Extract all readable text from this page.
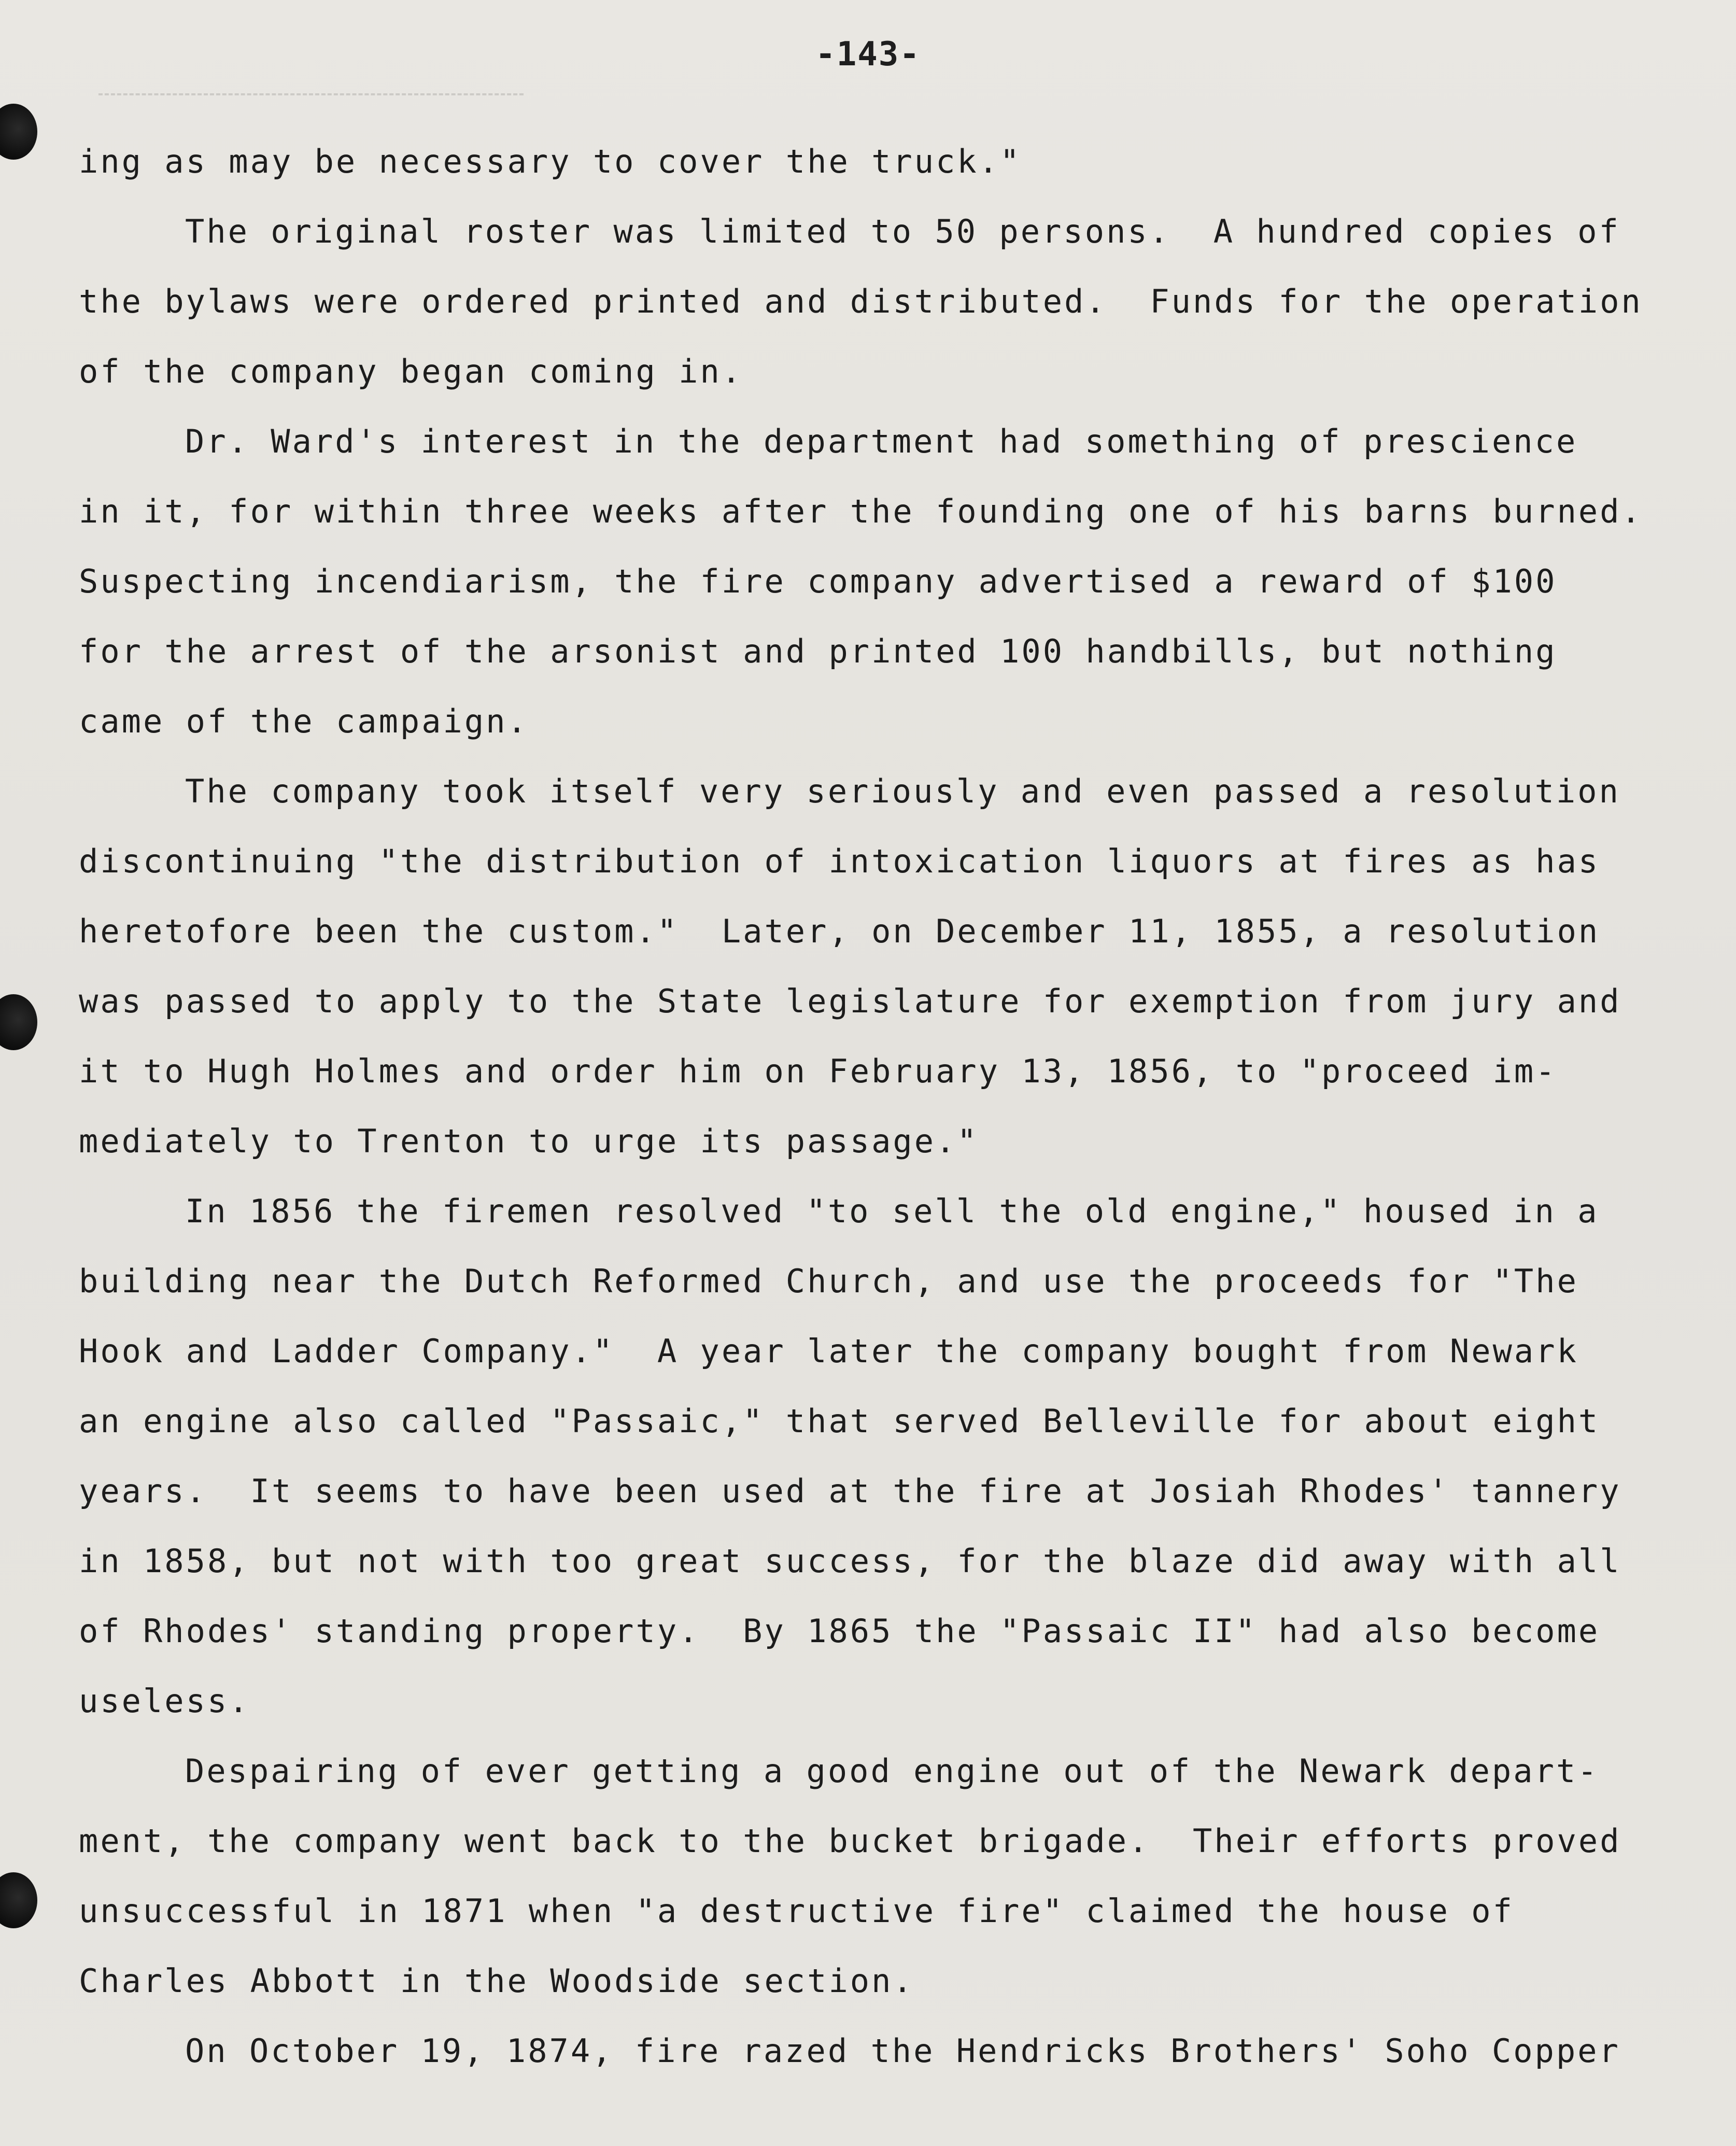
-143-
ing as may be necessary to cover the truck."
The original roster was limited to 50 persons.  A hundred copies of
the bylaws were ordered printed and distributed.  Funds for the operation
of the company began coming in.
Dr. Ward's interest in the department had something of prescience
in it, for within three weeks after the founding one of his barns burned.
Suspecting incendiarism, the fire company advertised a reward of $100
for the arrest of the arsonist and printed 100 handbills, but nothing
came of the campaign.
The company took itself very seriously and even passed a resolution
discontinuing "the distribution of intoxication liquors at fires as has
heretofore been the custom."  Later, on December 11, 1855, a resolution
was passed to apply to the State legislature for exemption from jury and
it to Hugh Holmes and order him on February 13, 1856, to "proceed im-
mediately to Trenton to urge its passage."
In 1856 the firemen resolved "to sell the old engine," housed in a
building near the Dutch Reformed Church, and use the proceeds for "The
Hook and Ladder Company."  A year later the company bought from Newark
an engine also called "Passaic," that served Belleville for about eight
years.  It seems to have been used at the fire at Josiah Rhodes' tannery
in 1858, but not with too great success, for the blaze did away with all
of Rhodes' standing property.  By 1865 the "Passaic II" had also become
useless.
Despairing of ever getting a good engine out of the Newark depart-
ment, the company went back to the bucket brigade.  Their efforts proved
unsuccessful in 1871 when "a destructive fire" claimed the house of
Charles Abbott in the Woodside section.
On October 19, 1874, fire razed the Hendricks Brothers' Soho Copper
